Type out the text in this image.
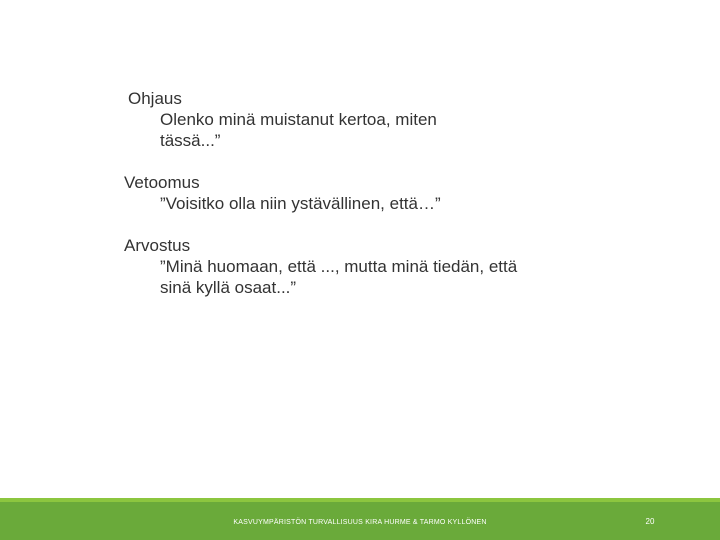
Ohjaus
Olenko minä muistanut kertoa, miten tässä...”
Vetoomus
”Voisitko olla niin ystävällinen, että…”
Arvostus
”Minä huomaan, että ..., mutta minä tiedän, että sinä kyllä osaat...”
KASVUYMPÄRISTÖN TURVALLISUUS KIRA HURME & TARMO KYLLÖNEN	20
